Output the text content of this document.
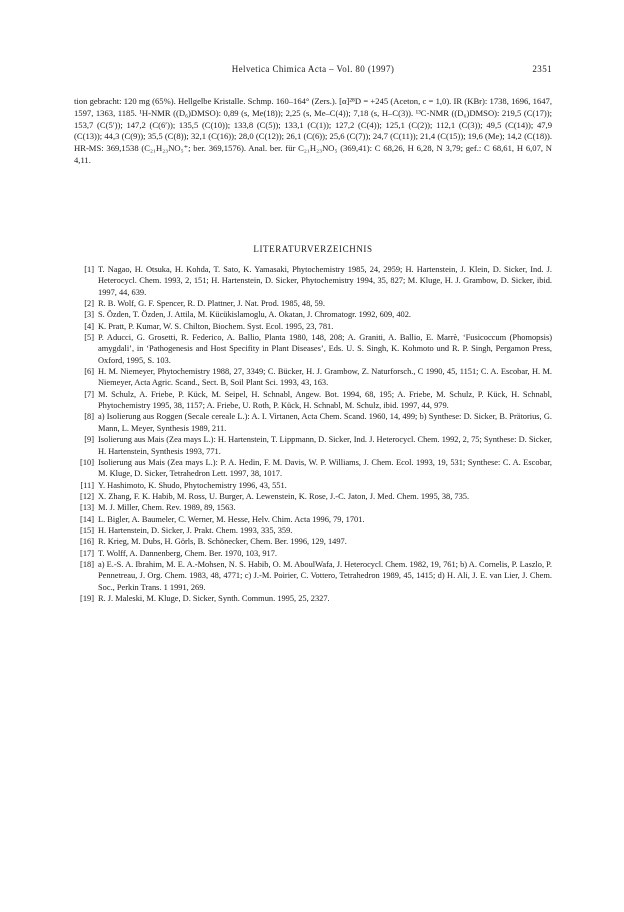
Helvetica Chimica Acta – Vol. 80 (1997)	2351

tion gebracht: 120 mg (65%). Hellgelbe Kristalle. Schmp. 160–164° (Zers.). [α]²⁸D = +245 (Aceton, c = 1,0). IR (KBr): 1738, 1696, 1647, 1597, 1363, 1185. ¹H-NMR ((D₆)DMSO): 0,89 (s, Me(18)); 2,25 (s, Me–C(4)); 7,18 (s, H–C(3)). ¹³C-NMR ((D₆)DMSO): 219,5 (C(17)); 153,7 (C(5′)); 147,2 (C(6′)); 135,5 (C(10)); 133,8 (C(5)); 133,1 (C(1)); 127,2 (C(4)); 125,1 (C(2)); 112,1 (C(3)); 49,5 (C(14)); 47,9 (C(13)); 44,3 (C(9)); 35,5 (C(8)); 32,1 (C(16)); 28,0 (C(12)); 26,1 (C(6)); 25,6 (C(7)); 24,7 (C(11)); 21,4 (C(15)); 19,6 (Me); 14,2 (C(18)). HR-MS: 369,1538 (C₂₁H₂₃NO₅⁺; ber. 369,1576). Anal. ber. für C₂₁H₂₃NO₅ (369,41): C 68,26, H 6,28, N 3,79; gef.: C 68,61, H 6,07, N 4,11.

LITERATURVERZEICHNIS
[1] T. Nagao, H. Otsuka, H. Kohda, T. Sato, K. Yamasaki, Phytochemistry 1985, 24, 2959; H. Hartenstein, J. Klein, D. Sicker, Ind. J. Heterocycl. Chem. 1993, 2, 151; H. Hartenstein, D. Sicker, Phytochemistry 1994, 35, 827; M. Kluge, H. J. Grambow, D. Sicker, ibid. 1997, 44, 639.
[2] R. B. Wolf, G. F. Spencer, R. D. Plattner, J. Nat. Prod. 1985, 48, 59.
[3] S. Özden, T. Özden, J. Attila, M. Kücükislamoglu, A. Okatan, J. Chromatogr. 1992, 609, 402.
[4] K. Pratt, P. Kumar, W. S. Chilton, Biochem. Syst. Ecol. 1995, 23, 781.
[5] P. Aducci, G. Grosetti, R. Federico, A. Ballio, Planta 1980, 148, 208; A. Graniti, A. Ballio, E. Marrè, ‘Fusicoccum (Phomopsis) amygdali’, in ‘Pathogenesis and Host Specifity in Plant Diseases’, Eds. U. S. Singh, K. Kohmoto und R. P. Singh, Pergamon Press, Oxford, 1995, S. 103.
[6] H. M. Niemeyer, Phytochemistry 1988, 27, 3349; C. Bücker, H. J. Grambow, Z. Naturforsch., C 1990, 45, 1151; C. A. Escobar, H. M. Niemeyer, Acta Agric. Scand., Sect. B, Soil Plant Sci. 1993, 43, 163.
[7] M. Schulz, A. Friebe, P. Kück, M. Seipel, H. Schnabl, Angew. Bot. 1994, 68, 195; A. Friebe, M. Schulz, P. Kück, H. Schnabl, Phytochemistry 1995, 38, 1157; A. Friebe, U. Roth, P. Kück, H. Schnabl, M. Schulz, ibid. 1997, 44, 979.
[8] a) Isolierung aus Roggen (Secale cereale L.): A. I. Virtanen, Acta Chem. Scand. 1960, 14, 499; b) Synthese: D. Sicker, B. Prätorius, G. Mann, L. Meyer, Synthesis 1989, 211.
[9] Isolierung aus Mais (Zea mays L.): H. Hartenstein, T. Lippmann, D. Sicker, Ind. J. Heterocycl. Chem. 1992, 2, 75; Synthese: D. Sicker, H. Hartenstein, Synthesis 1993, 771.
[10] Isolierung aus Mais (Zea mays L.): P. A. Hedin, F. M. Davis, W. P. Williams, J. Chem. Ecol. 1993, 19, 531; Synthese: C. A. Escobar, M. Kluge, D. Sicker, Tetrahedron Lett. 1997, 38, 1017.
[11] Y. Hashimoto, K. Shudo, Phytochemistry 1996, 43, 551.
[12] X. Zhang, F. K. Habib, M. Ross, U. Burger, A. Lewenstein, K. Rose, J.-C. Jaton, J. Med. Chem. 1995, 38, 735.
[13] M. J. Miller, Chem. Rev. 1989, 89, 1563.
[14] L. Bigler, A. Baumeler, C. Werner, M. Hesse, Helv. Chim. Acta 1996, 79, 1701.
[15] H. Hartenstein, D. Sicker, J. Prakt. Chem. 1993, 335, 359.
[16] R. Krieg, M. Dubs, H. Görls, B. Schönecker, Chem. Ber. 1996, 129, 1497.
[17] T. Wolff, A. Dannenberg, Chem. Ber. 1970, 103, 917.
[18] a) E.-S. A. Ibrahim, M. E. A.-Mohsen, N. S. Habib, O. M. AboulWafa, J. Heterocycl. Chem. 1982, 19, 761; b) A. Cornelis, P. Laszlo, P. Pennetreau, J. Org. Chem. 1983, 48, 4771; c) J.-M. Poirier, C. Vottero, Tetrahedron 1989, 45, 1415; d) H. Ali, J. E. van Lier, J. Chem. Soc., Perkin Trans. 1 1991, 269.
[19] R. J. Maleski, M. Kluge, D. Sicker, Synth. Commun. 1995, 25, 2327.
